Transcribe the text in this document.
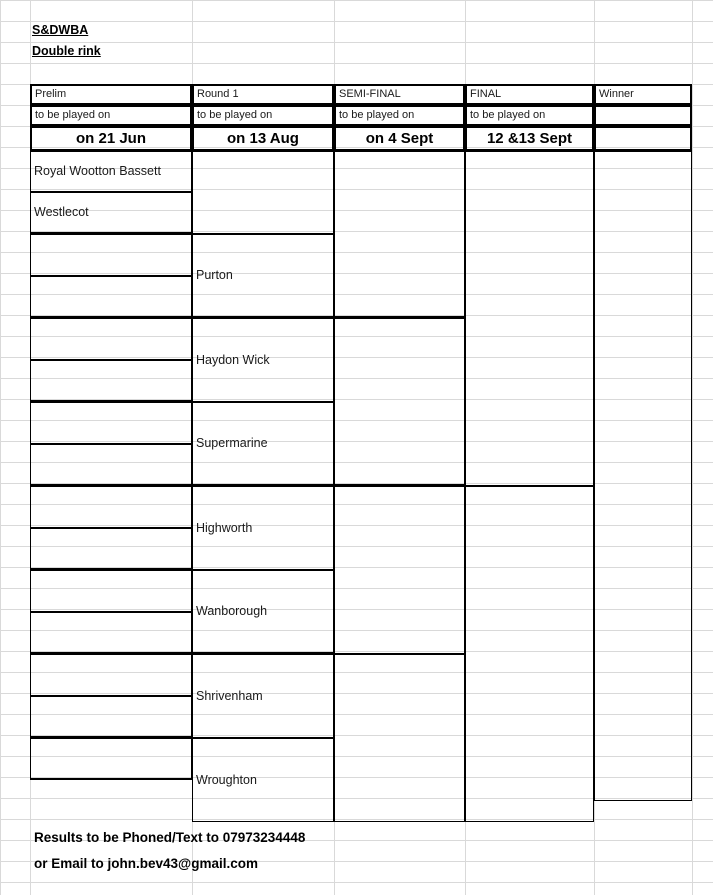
S&DWBA
Double rink
Prelim
to be played on
on 21 Jun
Round 1
to be played on
on 13 Aug
SEMI-FINAL
to be played on
on 4 Sept
FINAL
to be played on
12 &13 Sept
Winner
Royal Wootton Bassett
Westlecot
Purton
Haydon Wick
Supermarine
Highworth
Wanborough
Shrivenham
Wroughton
Results to be Phoned/Text to 07973234448
or Email to john.bev43@gmail.com
